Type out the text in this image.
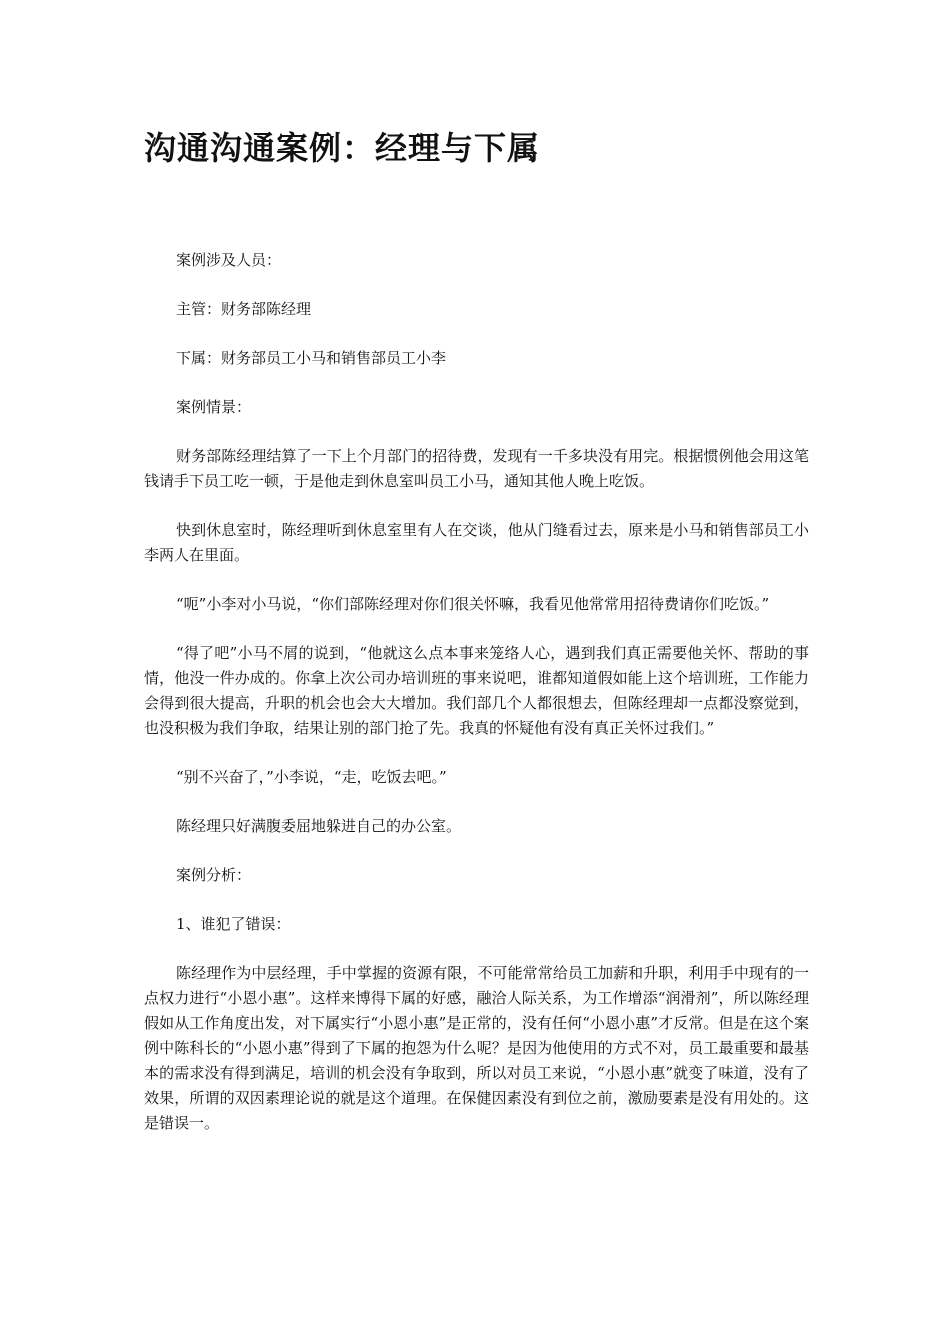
沟通沟通案例：经理与下属

案例涉及人员：

主管：财务部陈经理

下属：财务部员工小马和销售部员工小李

案例情景：

财务部陈经理结算了一下上个月部门的招待费，发现有一千多块没有用完。根据惯例他会用这笔钱请手下员工吃一顿，于是他走到休息室叫员工小马，通知其他人晚上吃饭。

快到休息室时，陈经理听到休息室里有人在交谈，他从门缝看过去，原来是小马和销售部员工小李两人在里面。

“呃”小李对小马说，“你们部陈经理对你们很关怀嘛，我看见他常常用招待费请你们吃饭。”

“得了吧”小马不屑的说到，“他就这么点本事来笼络人心，遇到我们真正需要他关怀、帮助的事情，他没一件办成的。你拿上次公司办培训班的事来说吧，谁都知道假如能上这个培训班，工作能力会得到很大提高，升职的机会也会大大增加。我们部几个人都很想去，但陈经理却一点都没察觉到，也没积极为我们争取，结果让别的部门抢了先。我真的怀疑他有没有真正关怀过我们。”

“别不兴奋了，”小李说，“走，吃饭去吧。”

陈经理只好满腹委屈地躲进自己的办公室。

案例分析：

1、谁犯了错误：

陈经理作为中层经理，手中掌握的资源有限，不可能常常给员工加薪和升职，利用手中现有的一点权力进行“小恩小惠”。这样来博得下属的好感，融洽人际关系，为工作增添“润滑剂”，所以陈经理假如从工作角度出发，对下属实行“小恩小惠”是正常的，没有任何“小恩小惠”才反常。但是在这个案例中陈科长的“小恩小惠”得到了下属的抱怨为什么呢？是因为他使用的方式不对，员工最重要和最基本的需求没有得到满足，培训的机会没有争取到，所以对员工来说，“小恩小惠”就变了味道，没有了效果，所谓的双因素理论说的就是这个道理。在保健因素没有到位之前，激励要素是没有用处的。这是错误一。
